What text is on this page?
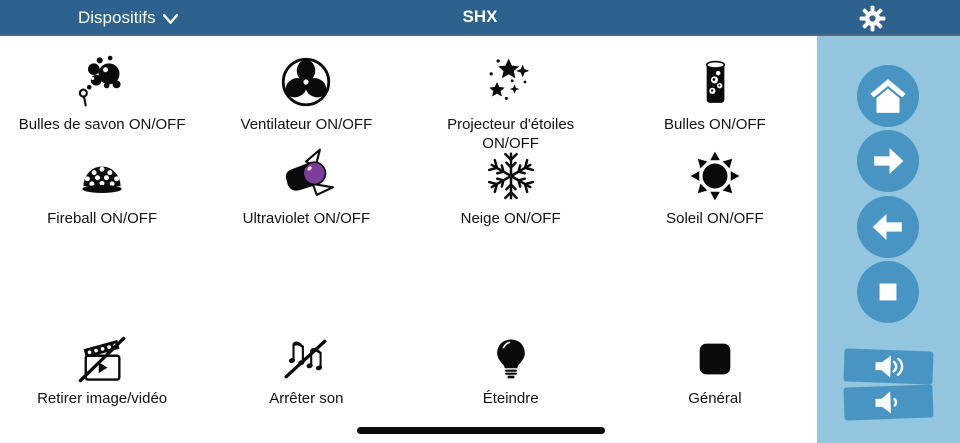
Dispositifs	SHX
Bulles de savon ON/OFF	Ventilateur ON/OFF	Projecteur d'étoiles ON/OFF
Bulles ON/OFF
Fireball ON/OFF	Ultraviolet ON/OFF	Neige ON/OFF	Soleil ON/OFF
Retirer image/vidéo	Arrêter son	Éteindre	Général
